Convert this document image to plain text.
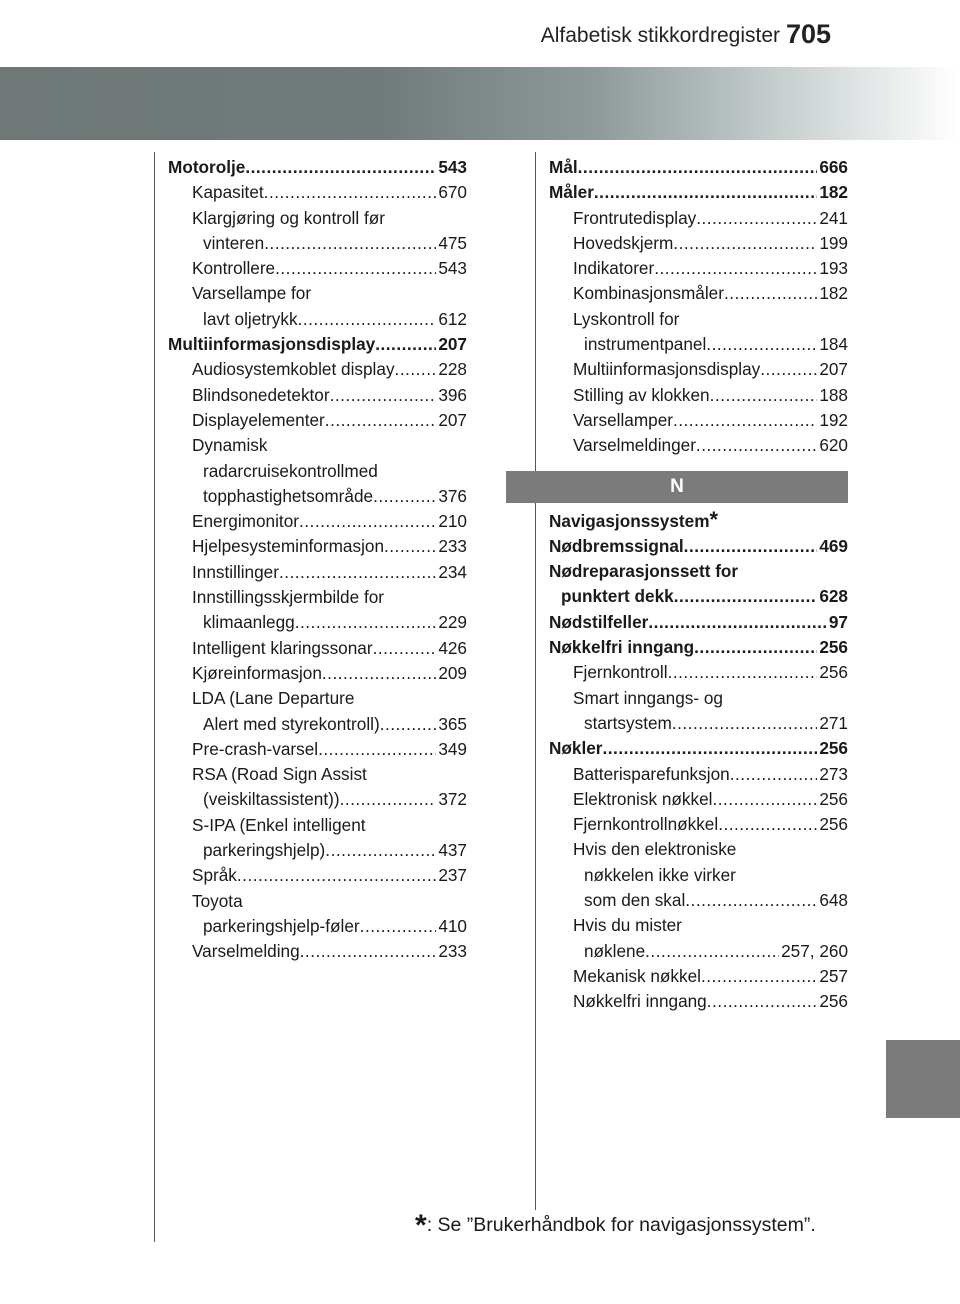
Alfabetisk stikkordregister 705
Motorolje .....	543
Kapasitet .....	670
Klargjøring og kontroll før
vinteren .....	475
Kontrollere .....	543
Varsellampe for
lavt oljetrykk .....	612
Multiinformasjonsdisplay .....	207
Audiosystemkoblet display .....	228
Blindsonedetektor .....	396
Displayelementer .....	207
Dynamisk
radarcruisekontrollmed
topphastighetsområde .....	376
Energimonitor .....	210
Hjelpesysteminformasjon .....	233
Innstillinger .....	234
Innstillingsskjermbilde for
klimaanlegg .....	229
Intelligent klaringssonar .....	426
Kjøreinformasjon .....	209
LDA (Lane Departure
Alert med styrekontroll) .....	365
Pre-crash-varsel .....	349
RSA (Road Sign Assist
(veiskiltassistent)) .....	372
S-IPA (Enkel intelligent
parkeringshjelp) .....	437
Språk .....	237
Toyota
parkeringshjelp-føler .....	410
Varselmelding .....	233
Mål .....	666
Måler .....	182
Frontrutedisplay .....	241
Hovedskjerm .....	199
Indikatorer .....	193
Kombinasjonsmåler .....	182
Lyskontroll for
instrumentpanel .....	184
Multiinformasjonsdisplay .....	207
Stilling av klokken .....	188
Varsellamper .....	192
Varselmeldinger .....	620
N
Navigasjonssystem *
Nødbremssignal .....	469
Nødreparasjonssett for
punktert dekk .....	628
Nødstilfeller .....	97
Nøkkelfri inngang .....	256
Fjernkontroll .....	256
Smart inngangs- og
startsystem .....	271
Nøkler .....	256
Batterisparefunksjon .....	273
Elektronisk nøkkel .....	256
Fjernkontrollnøkkel .....	256
Hvis den elektroniske
nøkkelen ikke virker
som den skal .....	648
Hvis du mister
nøklene .....	257, 260
Mekanisk nøkkel .....	257
Nøkkelfri inngang .....	256
*: Se ”Brukerhåndbok for navigasjonssystem”.
